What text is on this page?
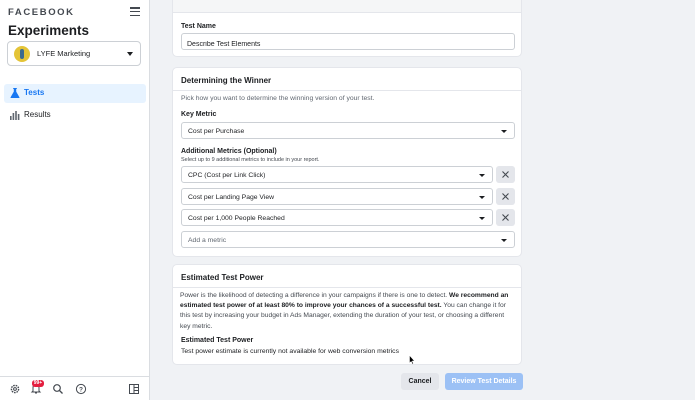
FACEBOOK
Experiments
LYFE Marketing
Tests
Results
?
99+
Test Name
Describe Test Elements
Determining the Winner
Pick how you want to determine the winning version of your test.
Key Metric
Cost per Purchase
Additional Metrics (Optional)
Select up to 9 additional metrics to include in your report.
CPC (Cost per Link Click)
Cost per Landing Page View
Cost per 1,000 People Reached
Add a metric
Estimated Test Power
Estimated Test Power
Test power estimate is currently not available for web conversion metrics
Power is the likelihood of detecting a difference in your campaigns if there is one to detect. We recommend an estimated test power of at least 80% to improve your chances of a successful test. You can change it for this test by increasing your budget in Ads Manager, extending the duration of your test, or choosing a different key metric.
Cancel	Review Test Details
